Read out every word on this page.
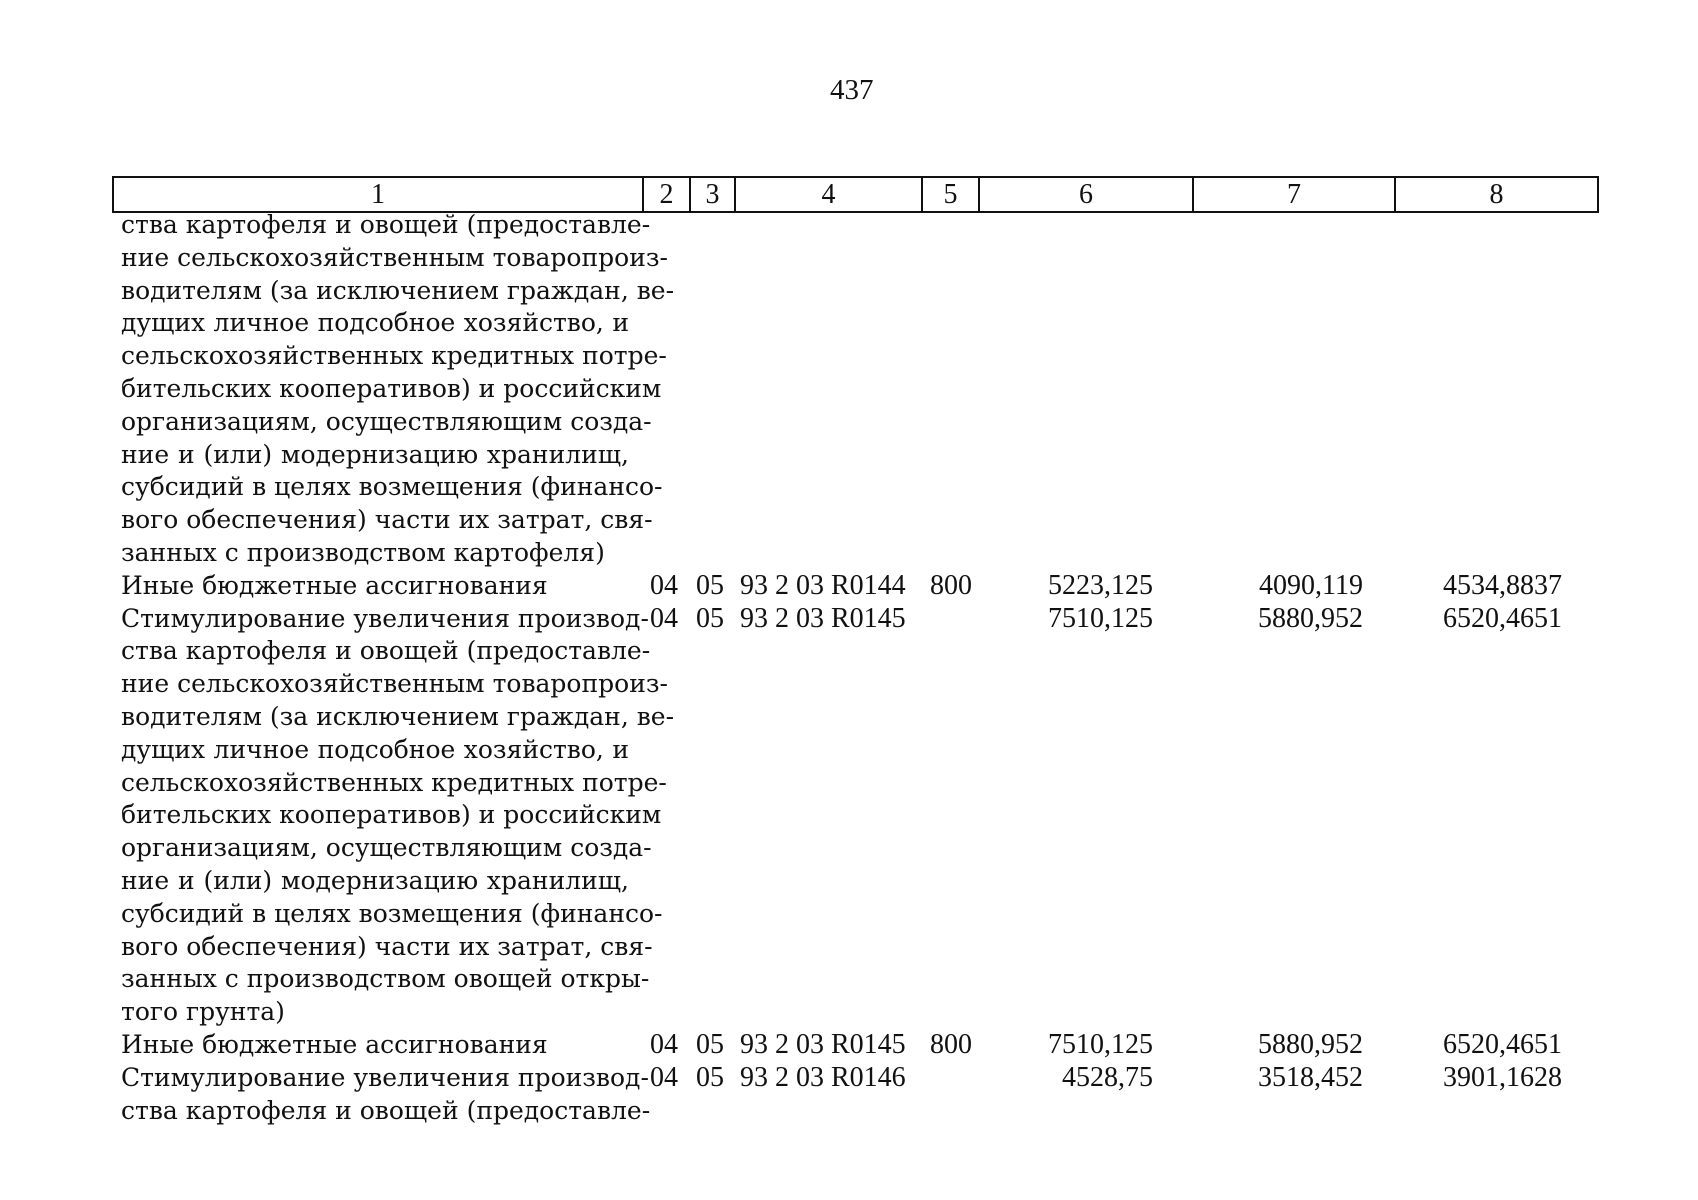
437
1	2	3	4	5	6	7	8
ства картофеля и овощей (предоставле-
ние сельскохозяйственным товаропроиз-
водителям (за исключением граждан, ве-
дущих личное подсобное хозяйство, и
сельскохозяйственных кредитных потре-
бительских кооперативов) и российским
организациям, осуществляющим созда-
ние и (или) модернизацию хранилищ,
субсидий в целях возмещения (финансо-
вого обеспечения) части их затрат, свя-
занных с производством картофеля)
Иные бюджетные ассигнования	04 05 93 2 03 R0144 800	5223,125	4090,119	4534,8837
Стимулирование увеличения производ-
ства картофеля и овощей (предоставле-
ние сельскохозяйственным товаропроиз-
водителям (за исключением граждан, ве-
дущих личное подсобное хозяйство, и
сельскохозяйственных кредитных потре-
бительских кооперативов) и российским
организациям, осуществляющим созда-
ние и (или) модернизацию хранилищ,
субсидий в целях возмещения (финансо-
вого обеспечения) части их затрат, свя-
занных с производством овощей откры-
того грунта)
04 05 93 2 03 R0145	7510,125	5880,952	6520,4651
Иные бюджетные ассигнования	04 05 93 2 03 R0145 800	7510,125	5880,952	6520,4651
Стимулирование увеличения производ-
ства картофеля и овощей (предоставле-
04 05 93 2 03 R0146	4528,75	3518,452	3901,1628
